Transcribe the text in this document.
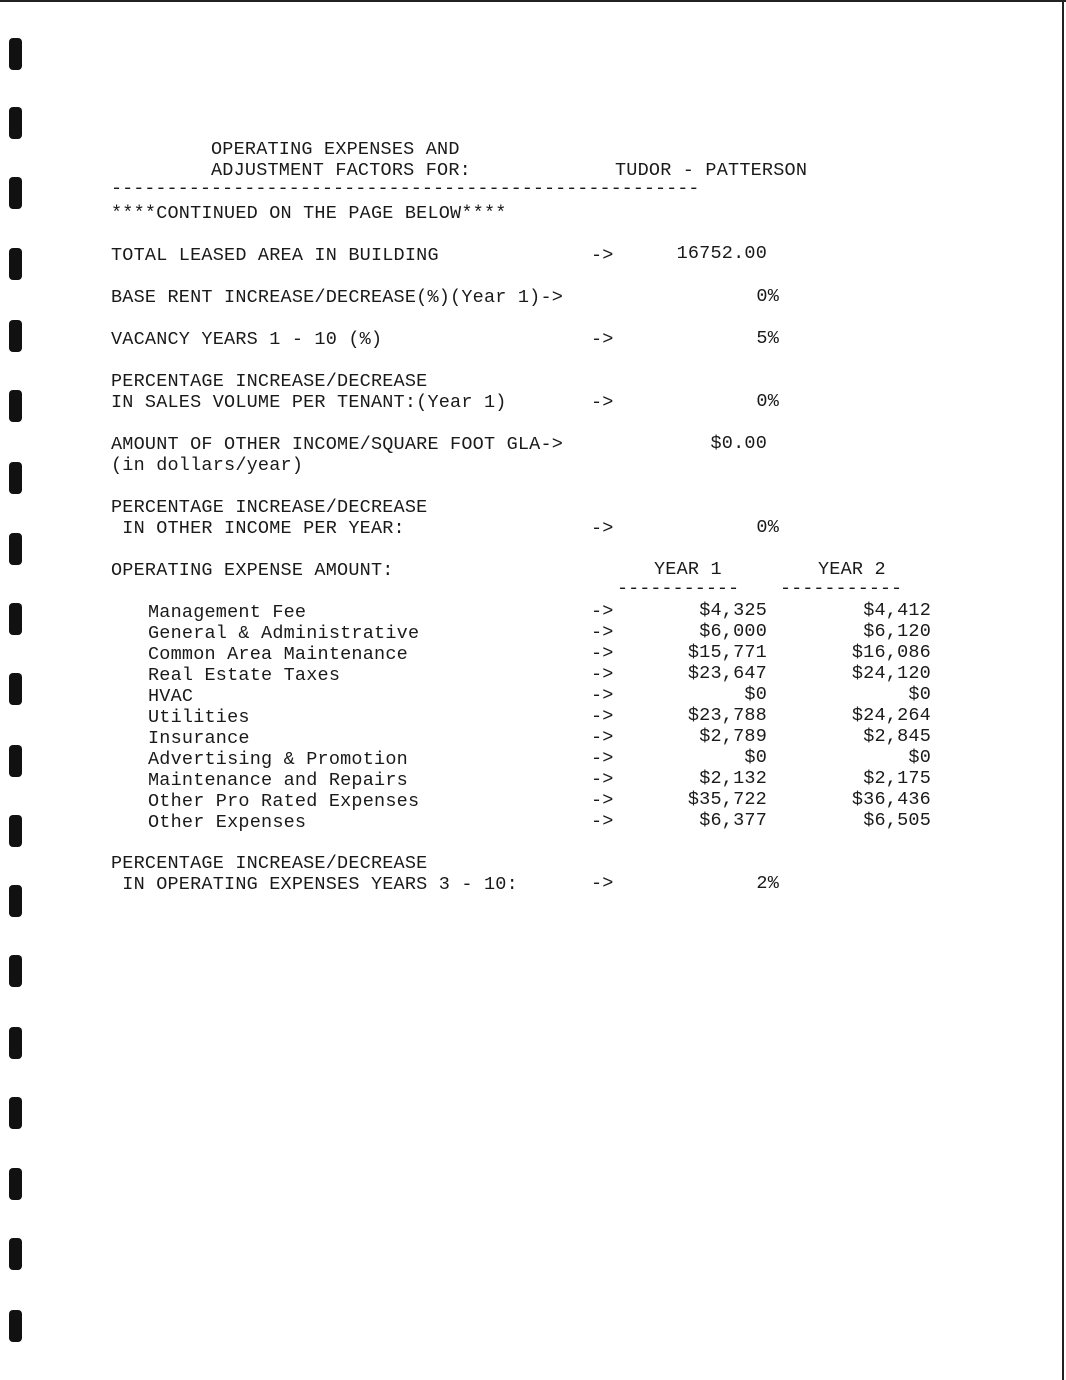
OPERATING EXPENSES AND
ADJUSTMENT FACTORS FOR:	TUDOR - PATTERSON
-----------------------------------------------------
****CONTINUED ON THE PAGE BELOW****
TOTAL LEASED AREA IN BUILDING	->	16752.00
BASE RENT INCREASE/DECREASE(%)(Year 1)->	0%
VACANCY YEARS 1 - 10 (%)	->	5%
PERCENTAGE INCREASE/DECREASE
IN SALES VOLUME PER TENANT:(Year 1)	->	0%
AMOUNT OF OTHER INCOME/SQUARE FOOT GLA->
(in dollars/year)
$0.00
PERCENTAGE INCREASE/DECREASE
IN OTHER INCOME PER YEAR:	->	0%
OPERATING EXPENSE AMOUNT:	YEAR 1	YEAR 2
-----------	-----------
Management Fee	->	$4,325	$4,412
General & Administrative	->	$6,000	$6,120
Common Area Maintenance	->	$15,771	$16,086
Real Estate Taxes	->	$23,647	$24,120
HVAC	->	$0	$0
Utilities	->	$23,788	$24,264
Insurance	->	$2,789	$2,845
Advertising & Promotion	->	$0	$0
Maintenance and Repairs	->	$2,132	$2,175
Other Pro Rated Expenses	->	$35,722	$36,436
Other Expenses	->	$6,377	$6,505
PERCENTAGE INCREASE/DECREASE
IN OPERATING EXPENSES YEARS 3 - 10:	->	2%
